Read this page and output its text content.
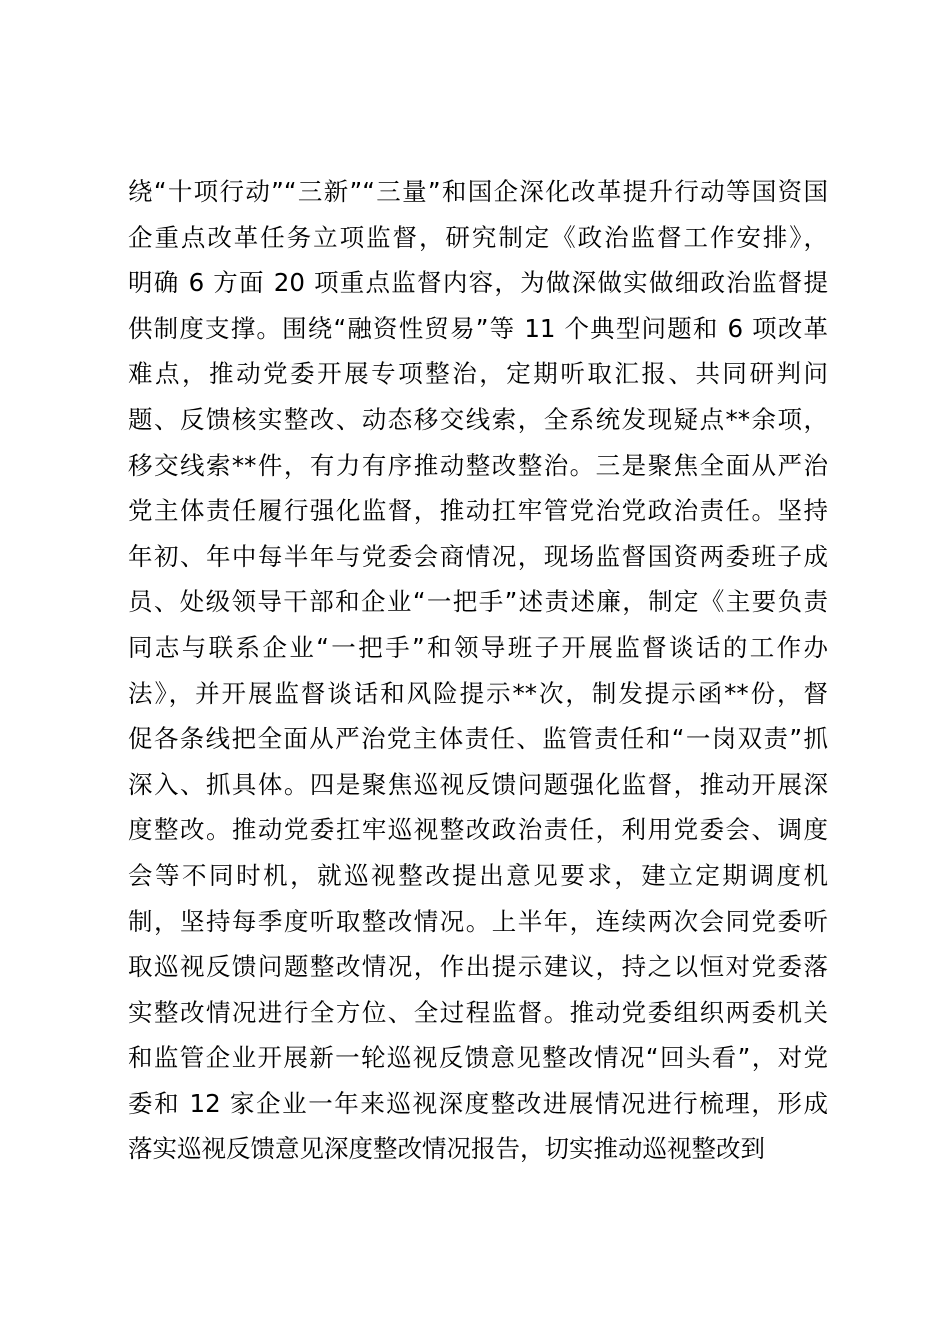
绕“十项行动”“三新”“三量”和国企深化改革提升行动等国资国
企重点改革任务立项监督，研究制定《政治监督工作安排》，
明确 6 方面 20 项重点监督内容，为做深做实做细政治监督提
供制度支撑。围绕“融资性贸易”等 11 个典型问题和 6 项改革
难点，推动党委开展专项整治，定期听取汇报、共同研判问
题、反馈核实整改、动态移交线索，全系统发现疑点**余项，
移交线索**件，有力有序推动整改整治。三是聚焦全面从严治
党主体责任履行强化监督，推动扛牢管党治党政治责任。坚持
年初、年中每半年与党委会商情况，现场监督国资两委班子成
员、处级领导干部和企业“一把手”述责述廉，制定《主要负责
同志与联系企业“一把手”和领导班子开展监督谈话的工作办
法》，并开展监督谈话和风险提示**次，制发提示函**份，督
促各条线把全面从严治党主体责任、监管责任和“一岗双责”抓
深入、抓具体。四是聚焦巡视反馈问题强化监督，推动开展深
度整改。推动党委扛牢巡视整改政治责任，利用党委会、调度
会等不同时机，就巡视整改提出意见要求，建立定期调度机
制，坚持每季度听取整改情况。上半年，连续两次会同党委听
取巡视反馈问题整改情况，作出提示建议，持之以恒对党委落
实整改情况进行全方位、全过程监督。推动党委组织两委机关
和监管企业开展新一轮巡视反馈意见整改情况“回头看”，对党
委和 12 家企业一年来巡视深度整改进展情况进行梳理，形成
落实巡视反馈意见深度整改情况报告，切实推动巡视整改到
